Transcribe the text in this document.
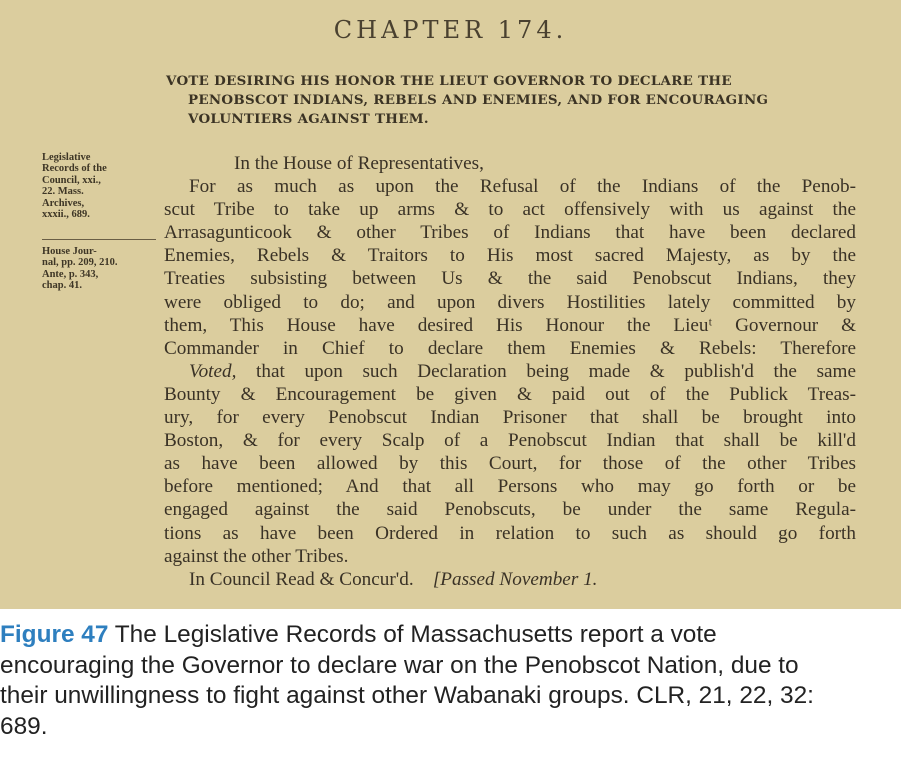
CHAPTER 174.
VOTE DESIRING HIS HONOR THE LIEUT GOVERNOR TO DECLARE THE
PENOBSCOT INDIANS, REBELS AND ENEMIES, AND FOR ENCOURAGING
VOLUNTIERS AGAINST THEM.
Legislative
Records of the
Council, xxi.,
22. Mass.
Archives,
xxxii., 689.
House Jour-
nal, pp. 209, 210.
Ante, p. 343,
chap. 41.
In the House of Representatives,
For as much as upon the Refusal of the Indians of the Penob-
scut Tribe to take up arms & to act offensively with us against the
Arrasagunticook & other Tribes of Indians that have been declared
Enemies, Rebels & Traitors to His most sacred Majesty, as by the
Treaties subsisting between Us & the said Penobscut Indians, they
were obliged to do; and upon divers Hostilities lately committed by
them, This House have desired His Honour the Lieuᵗ Governour &
Commander in Chief to declare them Enemies & Rebels: Therefore
Voted, that upon such Declaration being made & publish'd the same
Bounty & Encouragement be given & paid out of the Publick Treas-
ury, for every Penobscut Indian Prisoner that shall be brought into
Boston, & for every Scalp of a Penobscut Indian that shall be kill'd
as have been allowed by this Court, for those of the other Tribes
before mentioned; And that all Persons who may go forth or be
engaged against the said Penobscuts, be under the same Regula-
tions as have been Ordered in relation to such as should go forth
against the other Tribes.
In Council Read & Concur'd. [Passed November 1.
Figure 47 The Legislative Records of Massachusetts report a vote
encouraging the Governor to declare war on the Penobscot Nation, due to
their unwillingness to fight against other Wabanaki groups. CLR, 21, 22, 32:
689.
